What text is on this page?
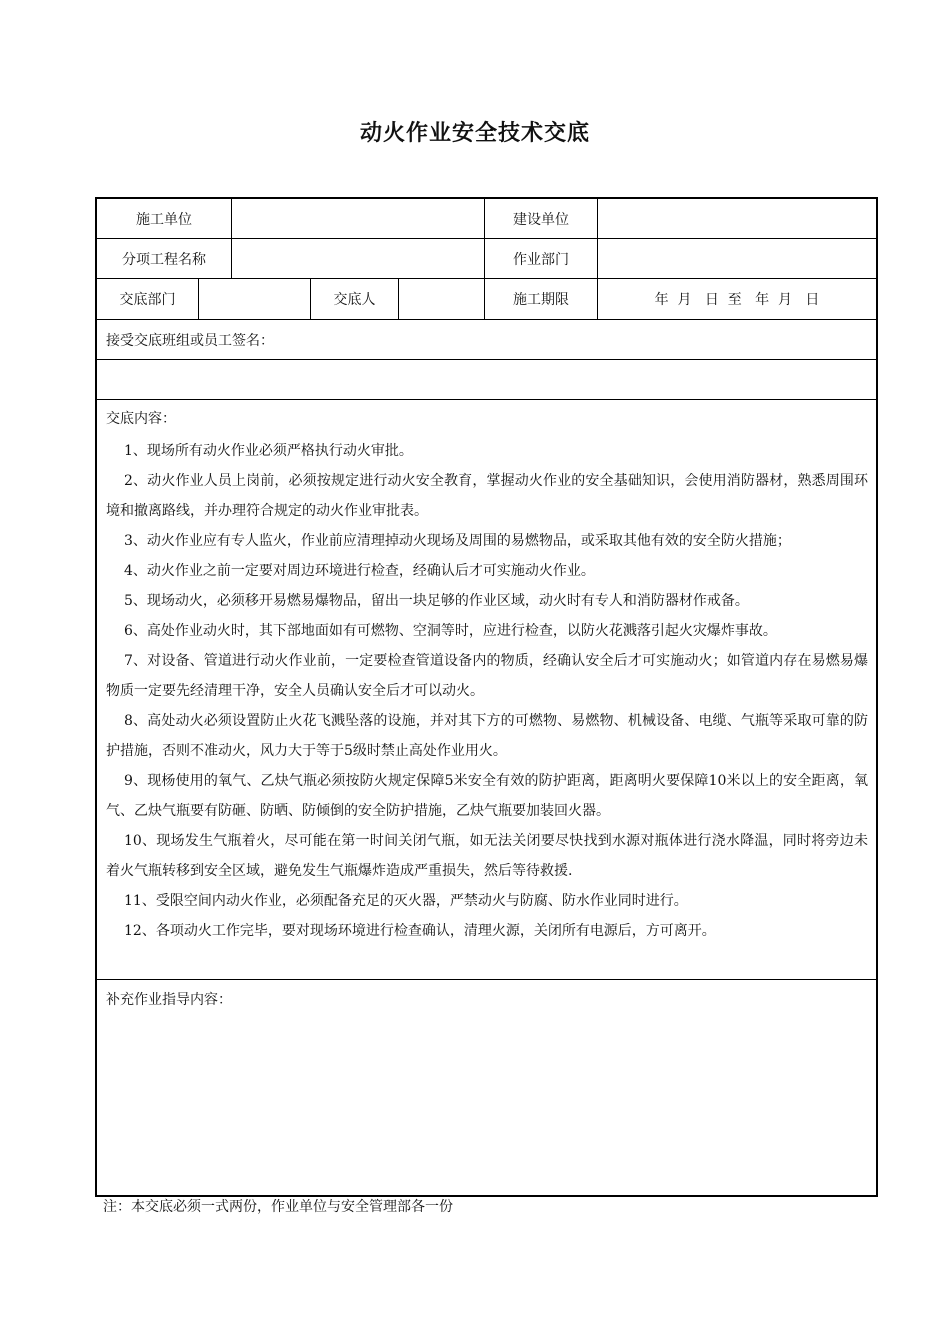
动火作业安全技术交底
施工单位	建设单位
分项工程名称	作业部门
交底部门	交底人	施工期限	年  月   日  至   年  月   日
接受交底班组或员工签名：
交底内容：
1、现场所有动火作业必须严格执行动火审批。
2、动火作业人员上岗前，必须按规定进行动火安全教育，掌握动火作业的安全基础知识，会使用消防器材，熟悉周围环境和撤离路线，并办理符合规定的动火作业审批表。
3、动火作业应有专人监火，作业前应清理掉动火现场及周围的易燃物品，或采取其他有效的安全防火措施；
4、动火作业之前一定要对周边环境进行检查，经确认后才可实施动火作业。
5、现场动火，必须移开易燃易爆物品，留出一块足够的作业区域，动火时有专人和消防器材作戒备。
6、高处作业动火时，其下部地面如有可燃物、空洞等时，应进行检查，以防火花溅落引起火灾爆炸事故。
7、对设备、管道进行动火作业前，一定要检查管道设备内的物质，经确认安全后才可实施动火；如管道内存在易燃易爆物质一定要先经清理干净，安全人员确认安全后才可以动火。
8、高处动火必须设置防止火花飞溅坠落的设施，并对其下方的可燃物、易燃物、机械设备、电缆、气瓶等采取可靠的防护措施，否则不准动火，风力大于等于5级时禁止高处作业用火。
9、现杨使用的氧气、乙炔气瓶必须按防火规定保障5米安全有效的防护距离，距离明火要保障10米以上的安全距离，氧气、乙炔气瓶要有防砸、防晒、防倾倒的安全防护措施，乙炔气瓶要加装回火器。
10、现场发生气瓶着火，尽可能在第一时间关闭气瓶，如无法关闭要尽快找到水源对瓶体进行浇水降温，同时将旁边未着火气瓶转移到安全区域，避免发生气瓶爆炸造成严重损失，然后等待救援.
11、受限空间内动火作业，必须配备充足的灭火器，严禁动火与防腐、防水作业同时进行。
12、各项动火工作完毕，要对现场环境进行检查确认，清理火源，关闭所有电源后，方可离开。
补充作业指导内容：
注：本交底必须一式两份，作业单位与安全管理部各一份
